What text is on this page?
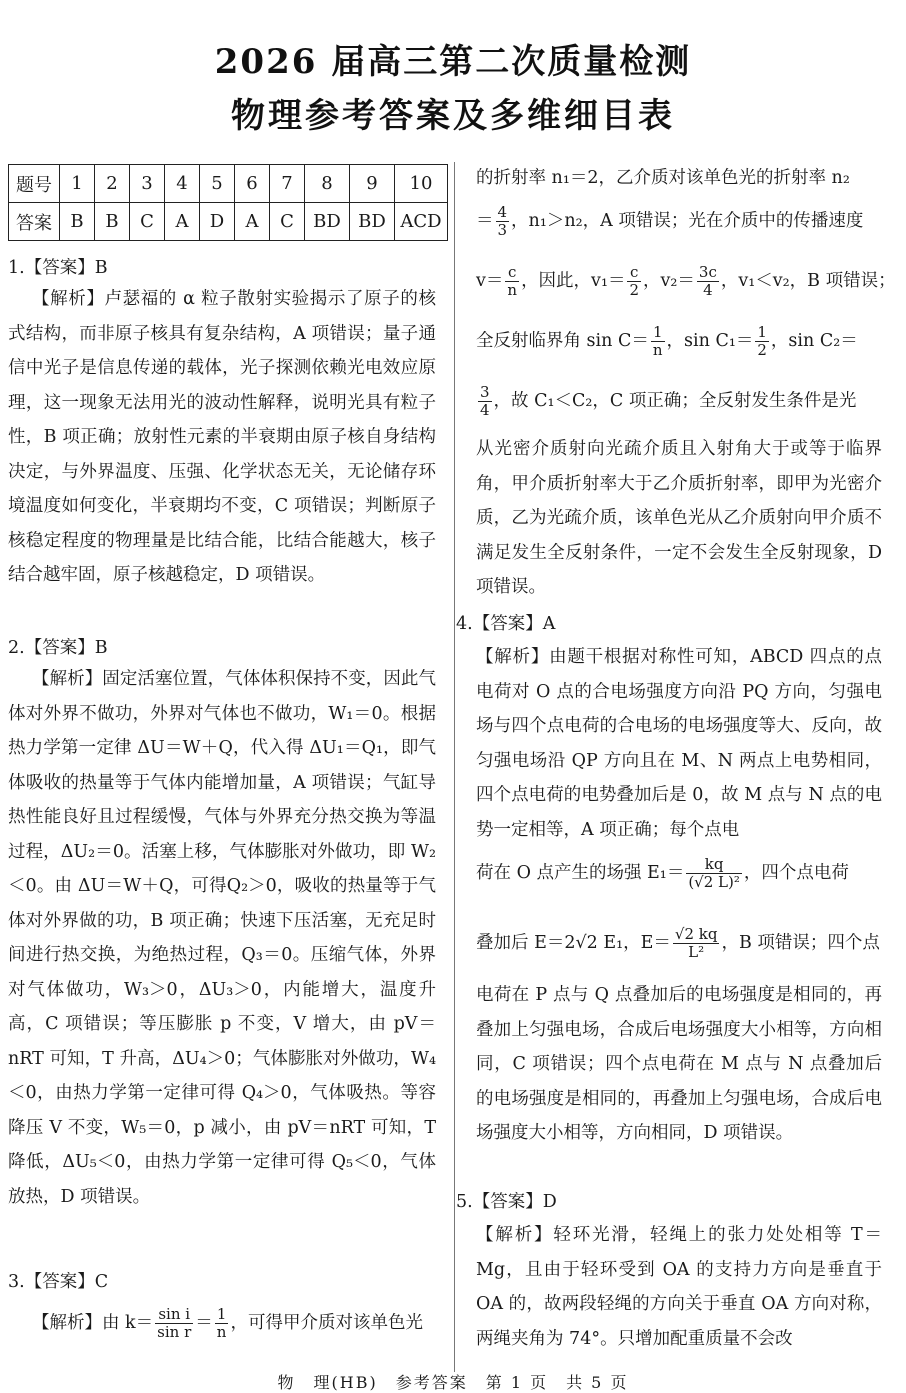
2026 届高三第二次质量检测
物理参考答案及多维细目表
题号	1	2	3	4	5	6	7	8	9	10
答案	B	B	C	A	D	A	C	BD	BD	ACD
1.【答案】B
【解析】卢瑟福的 α 粒子散射实验揭示了原子的核式结构，而非原子核具有复杂结构，A 项错误；量子通信中光子是信息传递的载体，光子探测依赖光电效应原理，这一现象无法用光的波动性解释，说明光具有粒子性，B 项正确；放射性元素的半衰期由原子核自身结构决定，与外界温度、压强、化学状态无关，无论储存环境温度如何变化，半衰期均不变，C 项错误；判断原子核稳定程度的物理量是比结合能，比结合能越大，核子结合越牢固，原子核越稳定，D 项错误。
2.【答案】B
【解析】固定活塞位置，气体体积保持不变，因此气体对外界不做功，外界对气体也不做功，W₁＝0。根据热力学第一定律 ΔU＝W＋Q，代入得 ΔU₁＝Q₁，即气体吸收的热量等于气体内能增加量，A 项错误；气缸导热性能良好且过程缓慢，气体与外界充分热交换为等温过程，ΔU₂＝0。活塞上移，气体膨胀对外做功，即 W₂＜0。由 ΔU＝W＋Q，可得Q₂＞0，吸收的热量等于气体对外界做的功，B 项正确；快速下压活塞，无充足时间进行热交换，为绝热过程，Q₃＝0。压缩气体，外界对气体做功，W₃＞0，ΔU₃＞0，内能增大，温度升高，C 项错误；等压膨胀 p 不变，V 增大，由 pV＝nRT 可知，T 升高，ΔU₄＞0；气体膨胀对外做功，W₄＜0，由热力学第一定律可得 Q₄＞0，气体吸热。等容降压 V 不变，W₅＝0，p 减小，由 pV＝nRT 可知，T 降低，ΔU₅＜0，由热力学第一定律可得 Q₅＜0，气体放热，D 项错误。
3.【答案】C
【解析】由 $k= \frac{\text{sin i}}{\text{sin r}} = \frac{1}{n}$ ，可得甲介质对该单色光
的折射率 n₁＝2，乙介质对该单色光的折射率 n₂
＝ $\frac{4}{3}$ ，n₁＞n₂，A 项错误；光在介质中的传播速度
$v= \frac{c}{n}$ ，因此，$v_1= \frac{c}{2}$ ，$v_2= \frac{3c}{4}$ ，v₁＜v₂，B 项错误；
全反射临界角 $\sin C= \frac{1}{n}$ ，$\sin C_1= \frac{1}{2}$ ，sin C₂＝
$\frac{3}{4}$ ，故 C₁＜C₂，C 项正确；全反射发生条件是光
从光密介质射向光疏介质且入射角大于或等于临界角，甲介质折射率大于乙介质折射率，即甲为光密介质，乙为光疏介质，该单色光从乙介质射向甲介质不满足发生全反射条件，一定不会发生全反射现象，D 项错误。
4.【答案】A
【解析】由题干根据对称性可知，ABCD 四点的点电荷对 O 点的合电场强度方向沿 PQ 方向，匀强电场与四个点电荷的合电场的电场强度等大、反向，故匀强电场沿 QP 方向且在 M、N 两点上电势相同，四个点电荷的电势叠加后是 0，故 M 点与 N 点的电势一定相等，A 项正确；每个点电
荷在 O 点产生的场强 $E_1= \frac{kq}{\text{(√2 L)²}}$ ，四个点电荷
叠加后 E＝2√2 E₁，$E= \frac{√2 kq}{\text{L²}}$ ，B 项错误；四个点
电荷在 P 点与 Q 点叠加后的电场强度是相同的，再叠加上匀强电场，合成后电场强度大小相等，方向相同，C 项错误；四个点电荷在 M 点与 N 点叠加后的电场强度是相同的，再叠加上匀强电场，合成后电场强度大小相等，方向相同，D 项错误。
5.【答案】D
【解析】轻环光滑，轻绳上的张力处处相等 T＝Mg，且由于轻环受到 OA 的支持力方向是垂直于OA 的，故两段轻绳的方向关于垂直 OA 方向对称，两绳夹角为 74°。只增加配重质量不会改
物　理(HB)　参考答案　第 1 页　共 5 页
